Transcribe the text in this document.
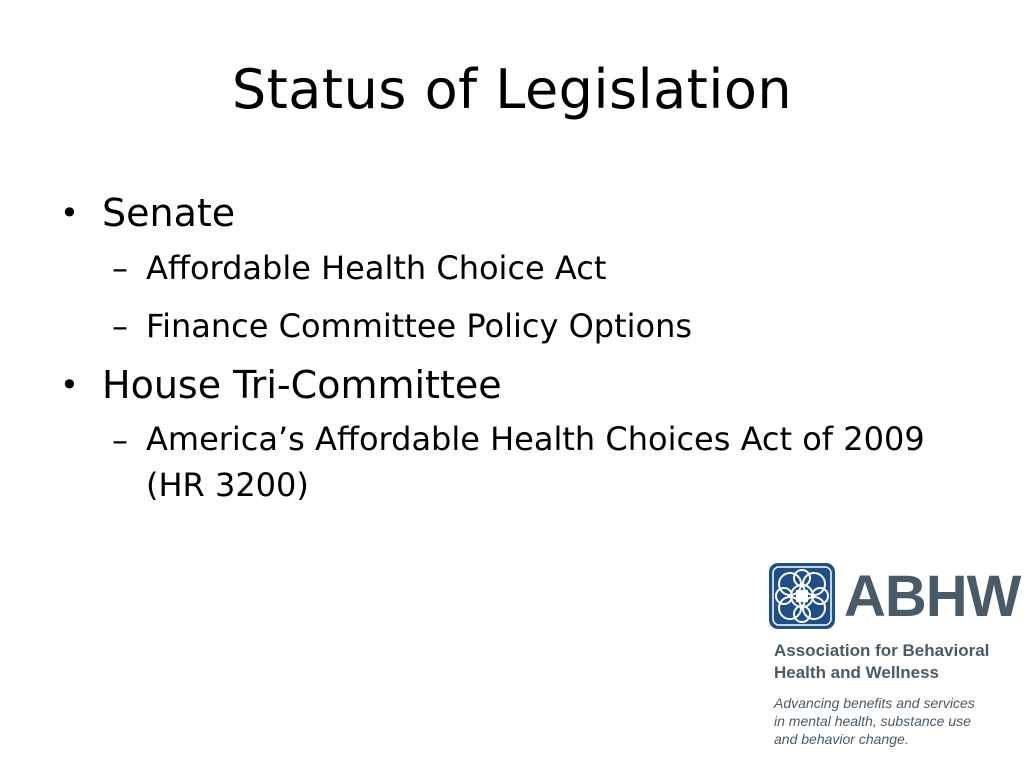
Status of Legislation
• Senate
– Affordable Health Choice Act
– Finance Committee Policy Options
• House Tri-Committee
– America’s Affordable Health Choices Act of 2009 (HR 3200)
ABHW
Association for Behavioral
Health and Wellness
Advancing benefits and services
in mental health, substance use
and behavior change.
